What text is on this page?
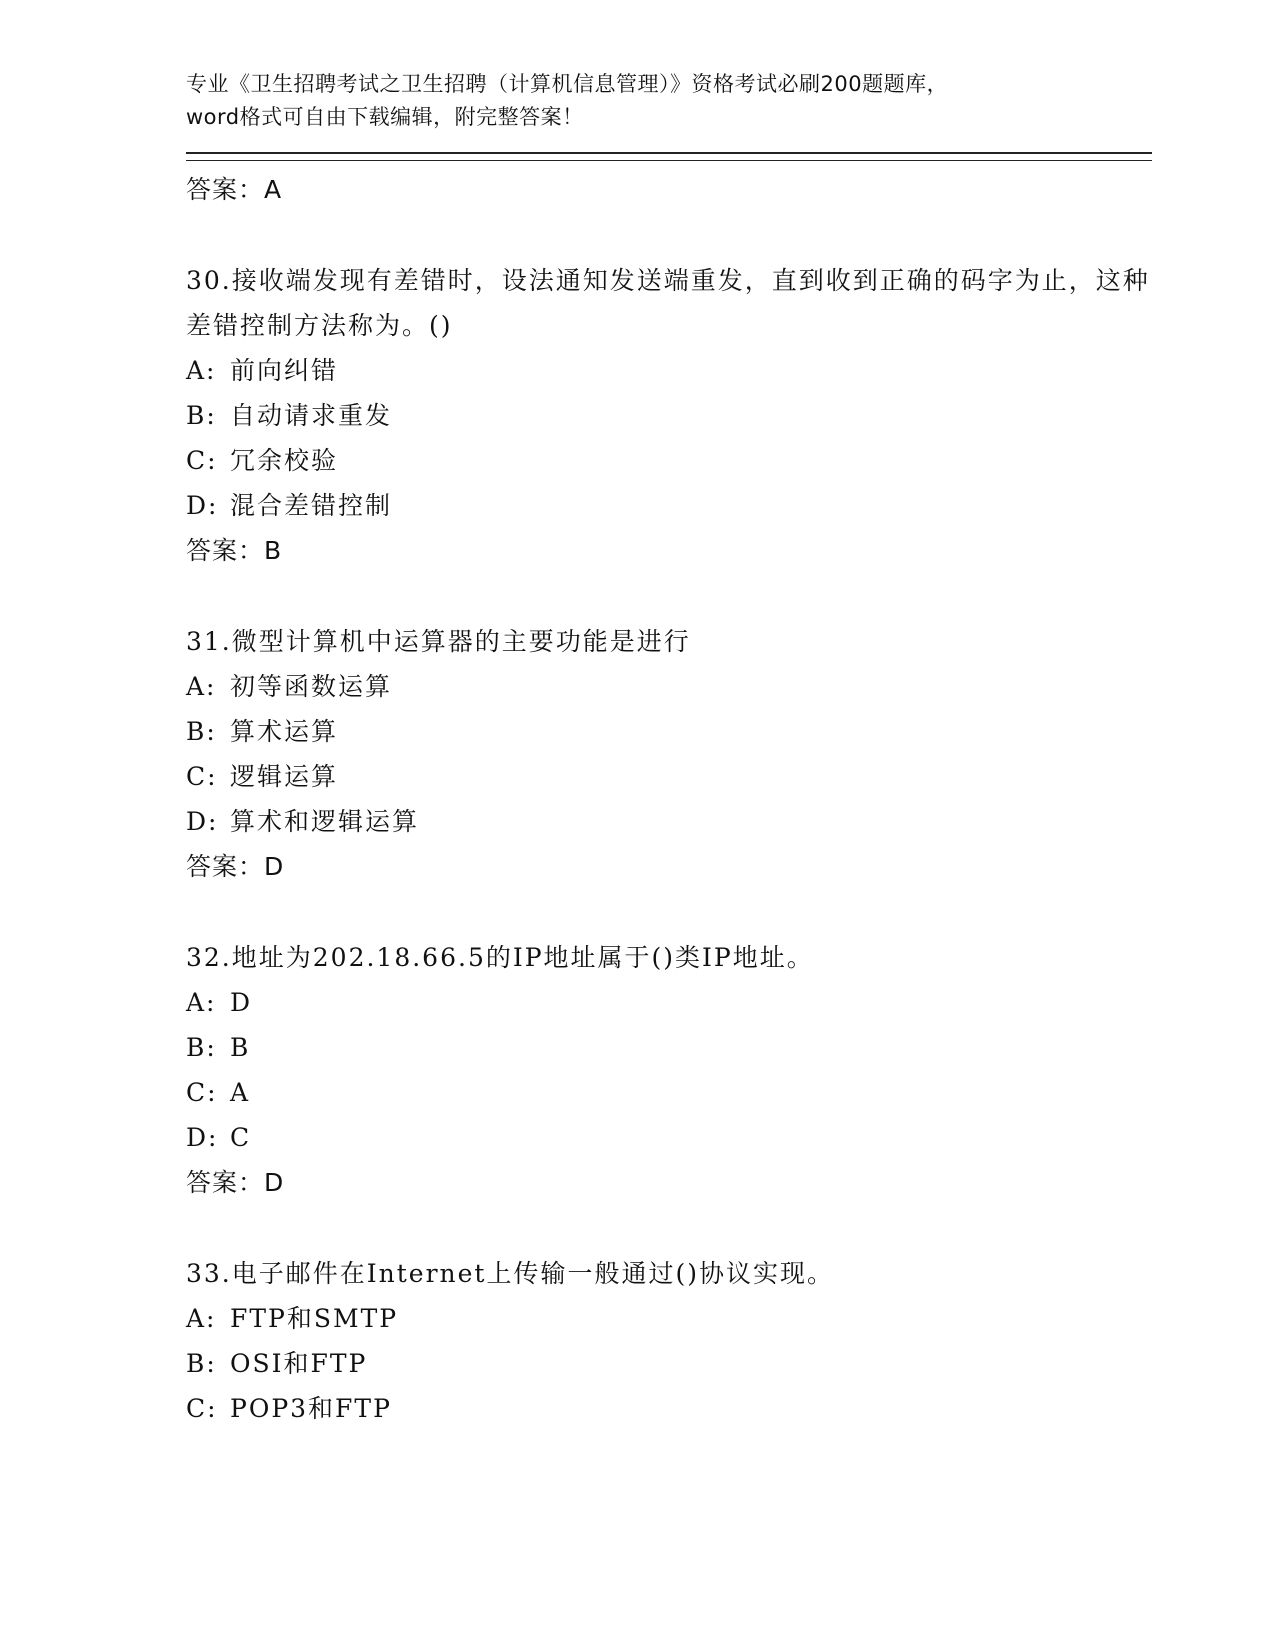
专业《卫生招聘考试之卫生招聘（计算机信息管理）》资格考试必刷200题题库，
word格式可自由下载编辑，附完整答案！
答案：A
30.接收端发现有差错时，设法通知发送端重发，直到收到正确的码字为止，这种差错控制方法称为。()
A: 前向纠错
B: 自动请求重发
C: 冗余校验
D: 混合差错控制
答案：B
31.微型计算机中运算器的主要功能是进行
A: 初等函数运算
B: 算术运算
C: 逻辑运算
D: 算术和逻辑运算
答案：D
32.地址为202.18.66.5的IP地址属于()类IP地址。
A: D
B: B
C: A
D: C
答案：D
33.电子邮件在Internet上传输一般通过()协议实现。
A: FTP和SMTP
B: OSI和FTP
C: POP3和FTP
